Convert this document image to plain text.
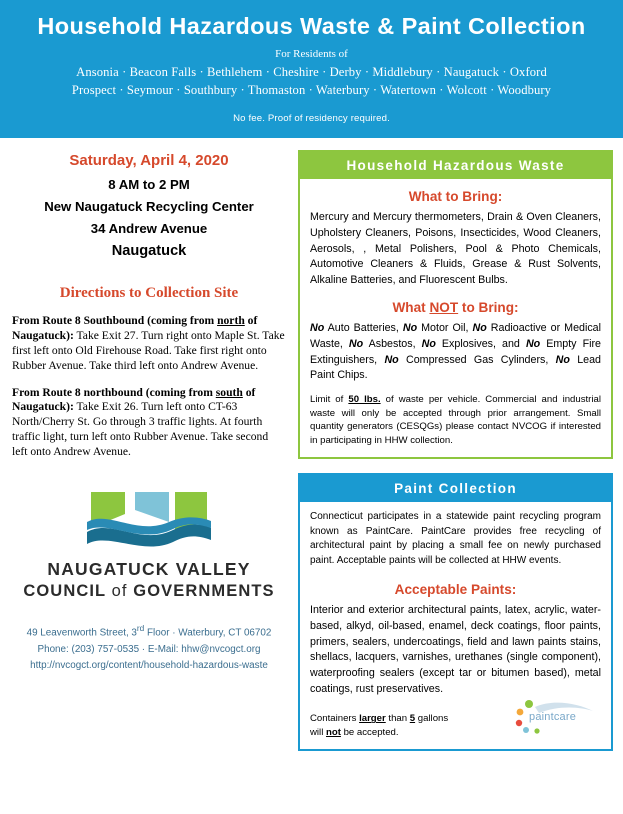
Household Hazardous Waste & Paint Collection
For Residents of
Ansonia · Beacon Falls · Bethlehem · Cheshire · Derby · Middlebury · Naugatuck · Oxford
Prospect · Seymour · Southbury · Thomaston · Waterbury · Watertown · Wolcott · Woodbury
No fee. Proof of residency required.
Saturday, April 4, 2020
8 AM to 2 PM
New Naugatuck Recycling Center
34 Andrew Avenue
Naugatuck
Directions to Collection Site
From Route 8 Southbound (coming from north of Naugatuck): Take Exit 27. Turn right onto Maple St. Take first left onto Old Firehouse Road. Take first right onto Rubber Avenue. Take third left onto Andrew Avenue.
From Route 8 northbound (coming from south of Naugatuck): Take Exit 26. Turn left onto CT-63 North/Cherry St. Go through 3 traffic lights. At fourth traffic light, turn left onto Rubber Avenue. Take second left onto Andrew Avenue.
NAUGATUCK VALLEY
COUNCIL of GOVERNMENTS
49 Leavenworth Street, 3rd Floor · Waterbury, CT 06702
Phone: (203) 757-0535 · E-Mail: hhw@nvcogct.org
http://nvcogct.org/content/household-hazardous-waste
Household Hazardous Waste
What to Bring:
Mercury and Mercury thermometers, Drain & Oven Cleaners, Upholstery Cleaners, Poisons, Insecticides, Wood Cleaners, Aerosols, , Metal Polishers, Pool & Photo Chemicals, Automotive Cleaners & Fluids, Grease & Rust Solvents, Alkaline Batteries, and Fluorescent Bulbs.
What NOT to Bring:
No Auto Batteries, No Motor Oil, No Radioactive or Medical Waste, No Asbestos, No Explosives, and No Empty Fire Extinguishers, No Compressed Gas Cylinders, No Lead Paint Chips.
Limit of 50 lbs. of waste per vehicle. Commercial and industrial waste will only be accepted through prior arrangement. Small quantity generators (CESQGs) please contact NVCOG if interested in participating in HHW collection.
Paint Collection
Connecticut participates in a statewide paint recycling program known as PaintCare. PaintCare provides free recycling of architectural paint by placing a small fee on newly purchased paint. Acceptable paints will be collected at HHW events.
Acceptable Paints:
Interior and exterior architectural paints, latex, acrylic, water-based, alkyd, oil-based, enamel, deck coatings, floor paints, primers, sealers, undercoatings, field and lawn paints stains, shellacs, lacquers, varnishes, urethanes (single component), waterproofing sealers (except tar or bitumen based), metal coatings, rust preservatives.
Containers larger than 5 gallons
will not be accepted.
paintcare
